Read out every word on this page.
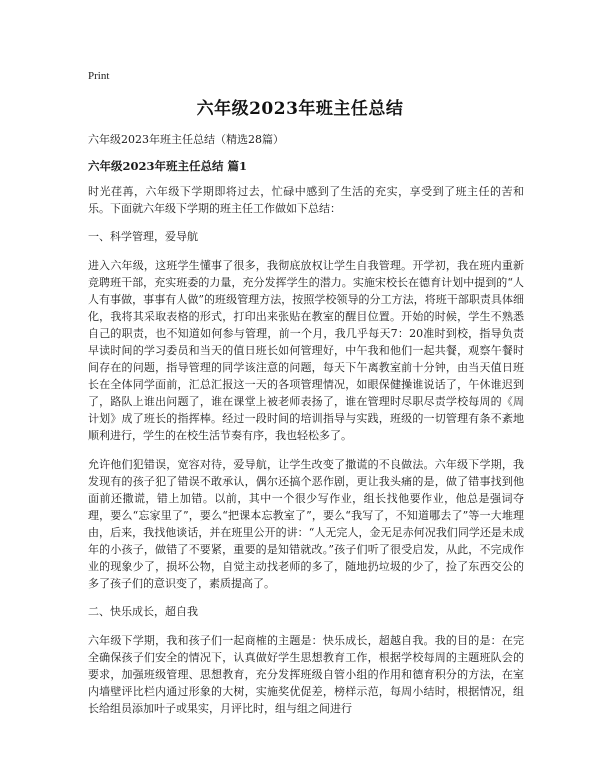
Print
六年级2023年班主任总结

六年级2023年班主任总结（精选28篇）

六年级2023年班主任总结 篇1

时光荏苒，六年级下学期即将过去，忙碌中感到了生活的充实，享受到了班主任的苦和乐。下面就六年级下学期的班主任工作做如下总结：

一、科学管理，爱导航

进入六年级，这班学生懂事了很多，我彻底放权让学生自我管理。开学初，我在班内重新竞聘班干部，充实班委的力量，充分发挥学生的潜力。实施宋校长在德育计划中提到的“人人有事做，事事有人做”的班级管理方法，按照学校领导的分工方法，将班干部职责具体细化，我将其采取表格的形式，打印出来张贴在教室的醒目位置。开始的时候，学生不熟悉自己的职责，也不知道如何参与管理，前一个月，我几乎每天7：20准时到校，指导负责早读时间的学习委员和当天的值日班长如何管理好，中午我和他们一起共餐，观察午餐时间存在的问题，指导管理的同学该注意的问题，每天下午离教室前十分钟，由当天值日班长在全体同学面前，汇总汇报这一天的各项管理情况，如眼保健操谁说话了，午休谁迟到了，路队上谁出问题了，谁在课堂上被老师表扬了，谁在管理时尽职尽责学校每周的《周计划》成了班长的指挥棒。经过一段时间的培训指导与实践，班级的一切管理有条不紊地顺利进行，学生的在校生活节奏有序，我也轻松多了。

允许他们犯错误，宽容对待，爱导航，让学生改变了撒谎的不良做法。六年级下学期，我发现有的孩子犯了错误不敢承认，偶尔还搞个恶作剧，更让我头痛的是，做了错事找到他面前还撒谎，错上加错。以前，其中一个很少写作业，组长找他要作业，他总是强词夺理，要么“忘家里了”，要么“把课本忘教室了”，要么“我写了，不知道哪去了”等一大堆理由，后来，我找他谈话，并在班里公开的讲：“人无完人，金无足赤何况我们同学还是未成年的小孩子，做错了不要紧，重要的是知错就改。”孩子们听了很受启发，从此，不完成作业的现象少了，损坏公物，自觉主动找老师的多了，随地扔垃圾的少了，捡了东西交公的多了孩子们的意识变了，素质提高了。

二、快乐成长，超自我

六年级下学期，我和孩子们一起商榷的主题是：快乐成长，超越自我。我的目的是：在完全确保孩子们安全的情况下，认真做好学生思想教育工作，根据学校每周的主题班队会的要求，加强班级管理、思想教育，充分发挥班级自管小组的作用和德育积分的方法，在室内墙壁评比栏内通过形象的大树，实施奖优促差，榜样示范，每周小结时，根据情况，组长给组员添加叶子或果实，月评比时，组与组之间进行
